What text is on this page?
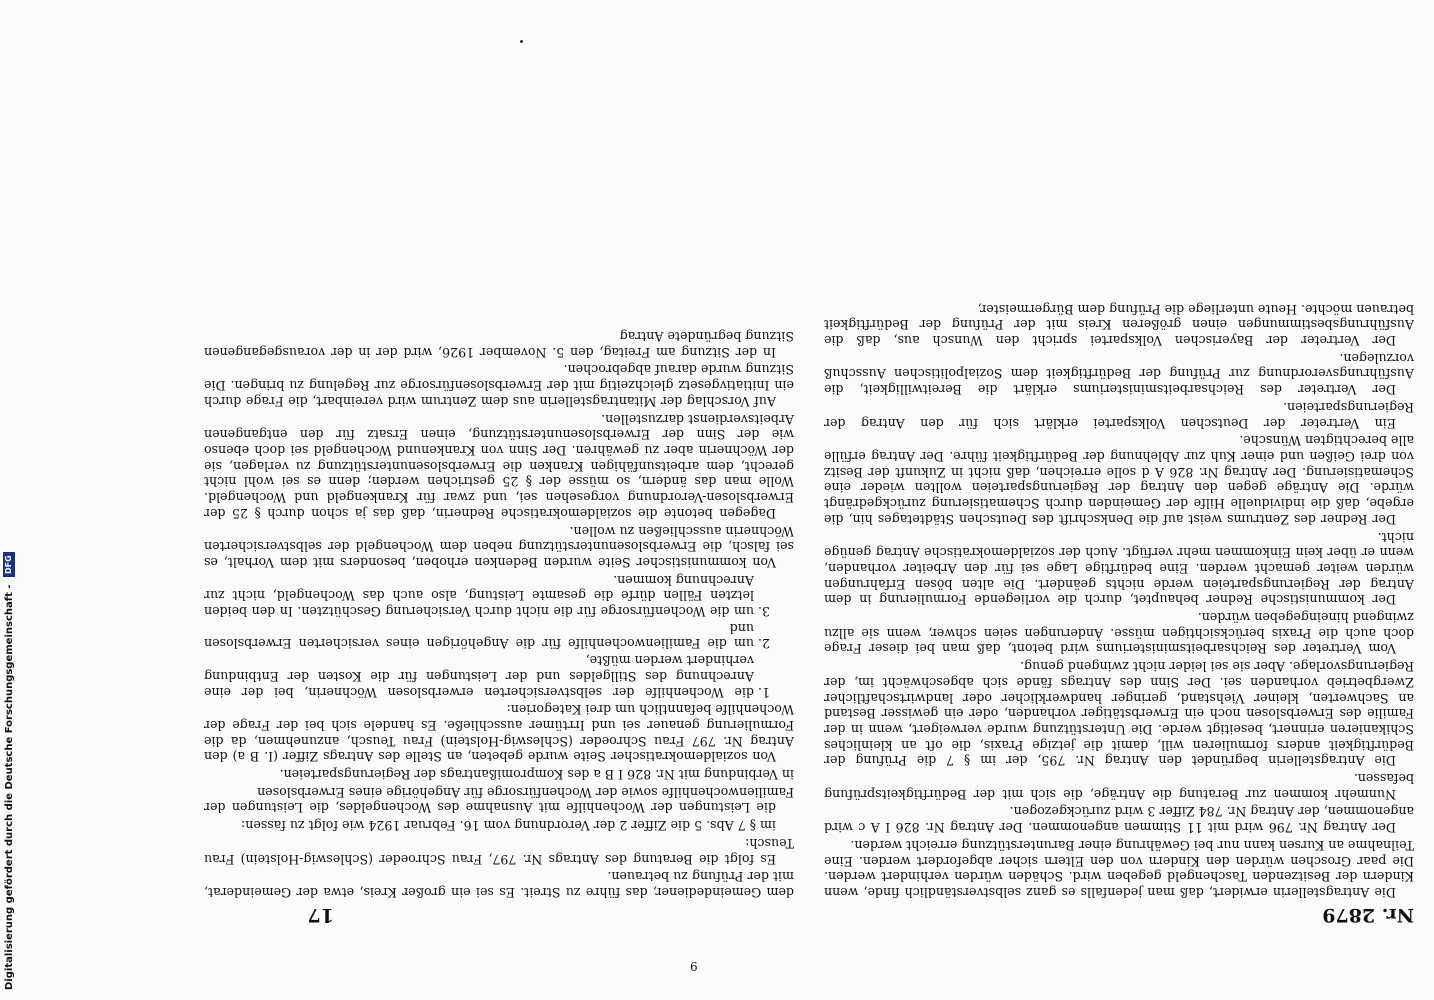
Nr. 2879
17

Die Antragstellerin erwidert, daß man jedenfalls es ganz selbstverständlich finde, wenn Kindern der Besitzenden Taschengeld gegeben wird. Schäden würden verhindert werden. Die paar Groschen würden den Kindern von den Eltern sicher abgefordert werden. Eine Teilnahme an Kursen kann nur bei Gewährung einer Barunterstützung erreicht werden.

Der Antrag Nr. 796 wird mit 11 Stimmen angenommen. Der Antrag Nr. 826 I A c wird angenommen, der Antrag Nr. 784 Ziffer 3 wird zurückgezogen.

Nunmehr kommen zur Beratung die Anträge, die sich mit der Bedürftigkeitsprüfung befassen.

Die Antragstellerin begründet den Antrag Nr. 795, der im § 7 die Prüfung der Bedürftigkeit anders formulieren will, damit die jetzige Praxis, die oft an kleinliches Schikanieren erinnert, beseitigt werde. Die Unterstützung wurde verweigert, wenn in der Familie des Erwerbslosen noch ein Erwerbstätiger vorhanden, oder ein gewisser Bestand an Sachwerten, kleiner Viehstand, geringer handwerklicher oder landwirtschaftlicher Zwergbetrieb vorhanden sei. Der Sinn des Antrags fände sich abgeschwächt im, der Regierungsvorlage. Aber sie sei leider nicht zwingend genug.

Vom Vertreter des Reichsarbeitsministeriums wird betont, daß man bei dieser Frage doch auch die Praxis berücksichtigen müsse. Änderungen seien schwer, wenn sie allzu zwingend hineingegeben würden.

Der kommunistische Redner behauptet, durch die vorliegende Formulierung in dem Antrag der Regierungsparteien werde nichts geändert. Die alten bösen Erfahrungen würden weiter gemacht werden. Eine bedürftige Lage sei für den Arbeiter vorhanden, wenn er über kein Einkommen mehr verfügt. Auch der sozialdemokratische Antrag genüge nicht.

Der Redner des Zentrums weist auf die Denkschrift des Deutschen Städtetages hin, die ergebe, daß die individuelle Hilfe der Gemeinden durch Schematisierung zurückgedrängt würde. Die Anträge gegen den Antrag der Regierungsparteien wollten wieder eine Schematisierung. Der Antrag Nr. 826 A d solle erreichen, daß nicht in Zukunft der Besitz von drei Geißen und einer Kuh zur Ablehnung der Bedürftigkeit führe. Der Antrag erfülle alle berechtigten Wünsche.

Ein Vertreter der Deutschen Volkspartei erklärt sich für den Antrag der Regierungsparteien.

Der Vertreter des Reichsarbeitsministeriums erklärt die Bereitwilligkeit, die Ausführungsverordnung zur Prüfung der Bedürftigkeit dem Sozialpolitischen Ausschuß vorzulegen.

Der Vertreter der Bayerischen Volkspartei spricht den Wunsch aus, daß die Ausführungsbestimmungen einen größeren Kreis mit der Prüfung der Bedürftigkeit betrauen möchte. Heute unterliege die Prüfung dem Bürgermeister,

dem Gemeindediener, das führe zu Streit. Es sei ein großer Kreis, etwa der Gemeinderat, mit der Prüfung zu betrauen.

Es folgt die Beratung des Antrags Nr. 797, Frau Schroeder (Schleswig-Holstein) Frau Teusch:

im § 7 Abs. 5 die Ziffer 2 der Verordnung vom 16. Februar 1924 wie folgt zu fassen:

die Leistungen der Wochenhilfe mit Ausnahme des Wochengeldes, die Leistungen der Familienwochenhilfe sowie der Wochenfürsorge für Angehörige eines Erwerbslosen

in Verbindung mit Nr. 826 I B a des Kompromißantrags der Regierungsparteien.

Von sozialdemokratischer Seite wurde gebeten, an Stelle des Antrags Ziffer (I. B a) den Antrag Nr. 797 Frau Schroeder (Schleswig-Holstein) Frau Teusch, anzunehmen, da die Formulierung genauer sei und Irrtümer ausschließe. Es handele sich bei der Frage der Wochenhilfe befanntlich um drei Kategorien:

1. die Wochenhilfe der selbstversicherten erwerbslosen Wöchnerin, bei der eine Anrechnung des Stillgeldes und der Leistungen für die Kosten der Entbindung verhindert werden müßte,
2. um die Familienwochenhilfe für die Angehörigen eines versicherten Erwerbslosen und
3. um die Wochenfürsorge für die nicht durch Versicherung Geschützten. In den beiden letzten Fällen dürfe die gesamte Leistung, also auch das Wochengeld, nicht zur Anrechnung kommen.

Von kommunistischer Seite wurden Bedenken erhoben, besonders mit dem Vorhalt, es sei falsch, die Erwerbslosenunterstützung neben dem Wochengeld der selbstversicherten Wöchnerin ausschließen zu wollen.

Dagegen betonte die sozialdemokratische Rednerin, daß das ja schon durch § 25 der Erwerbslosen-Verordnung vorgesehen sei, und zwar für Krankengeld und Wochengeld. Wolle man das ändern, so müsse der § 25 gestrichen werden; denn es sei wohl nicht gerecht, dem arbeitsunfähigen Kranken die Erwerbslosenunterstützung zu verlagen, sie der Wöchnerin aber zu gewähren. Der Sinn von Krankenund Wochengeld sei doch ebenso wie der Sinn der Erwerbslosenunterstützung, einen Ersatz für den entgangenen Arbeitsverdienst darzustellen.

Auf Vorschlag der Mitantragstellerin aus dem Zentrum wird vereinbart, die Frage durch ein Initiativgesetz gleichzeitig mit der Erwerbslosenfürsorge zur Regelung zu bringen. Die Sitzung wurde darauf abgebrochen.

In der Sitzung am Freitag, den 5. November 1926, wird der in der vorausgegangenen Sitzung begründete Antrag

6
Digitalisierung gefördert durch die Deutsche Forschungsgemeinschaft - DFG
